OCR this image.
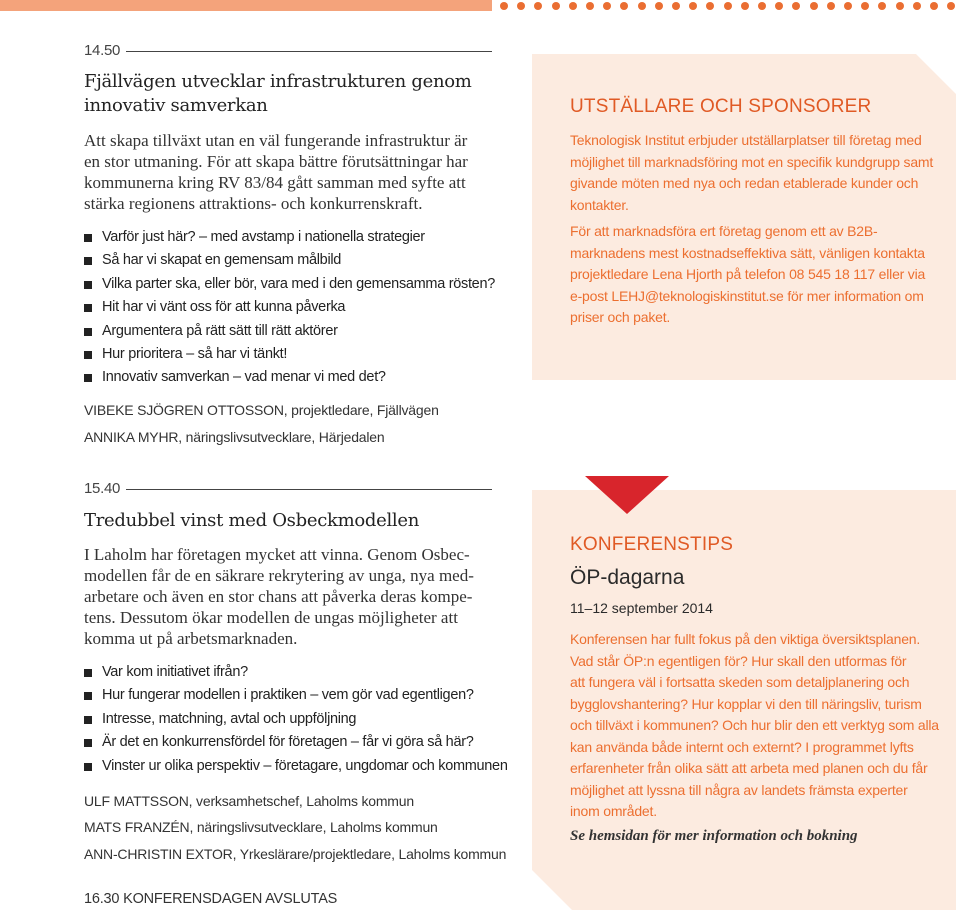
14.50
Fjällvägen utvecklar infrastrukturen genom
innovativ samverkan
Att skapa tillväxt utan en väl fungerande infrastruktur är
en stor utmaning. För att skapa bättre förutsättningar har
kommunerna kring RV 83/84 gått samman med syfte att
stärka regionens attraktions- och konkurrenskraft.
Varför just här? – med avstamp i nationella strategier
Så har vi skapat en gemensam målbild
Vilka parter ska, eller bör, vara med i den gemensamma rösten?
Hit har vi vänt oss för att kunna påverka
Argumentera på rätt sätt till rätt aktörer
Hur prioritera – så har vi tänkt!
Innovativ samverkan – vad menar vi med det?
VIBEKE SJÖGREN OTTOSSON, projektledare, Fjällvägen
ANNIKA MYHR, näringslivsutvecklare, Härjedalen
15.40
Tredubbel vinst med Osbeckmodellen
I Laholm har företagen mycket att vinna. Genom Osbec-
modellen får de en säkrare rekrytering av unga, nya med-
arbetare och även en stor chans att påverka deras kompe-
tens. Dessutom ökar modellen de ungas möjligheter att
komma ut på arbetsmarknaden.
Var kom initiativet ifrån?
Hur fungerar modellen i praktiken – vem gör vad egentligen?
Intresse, matchning, avtal och uppföljning
Är det en konkurrensfördel för företagen – får vi göra så här?
Vinster ur olika perspektiv – företagare, ungdomar och kommunen
ULF MATTSSON, verksamhetschef, Laholms kommun
MATS FRANZÉN, näringslivsutvecklare, Laholms kommun
ANN-CHRISTIN EXTOR, Yrkeslärare/projektledare, Laholms kommun
16.30 KONFERENSDAGEN AVSLUTAS
UTSTÄLLARE OCH SPONSORER
Teknologisk Institut erbjuder utställarplatser till företag med
möjlighet till marknadsföring mot en specifik kundgrupp samt
givande möten med nya och redan etablerade kunder och
kontakter.
För att marknadsföra ert företag genom ett av B2B-
marknadens mest kostnadseffektiva sätt, vänligen kontakta
projektledare Lena Hjorth på telefon 08 545 18 117 eller via
e-post LEHJ@teknologiskinstitut.se för mer information om
priser och paket.
KONFERENSTIPS
ÖP-dagarna
11–12 september 2014
Konferensen har fullt fokus på den viktiga översiktsplanen.
Vad står ÖP:n egentligen för? Hur skall den utformas för
att fungera väl i fortsatta skeden som detaljplanering och
bygglovshantering? Hur kopplar vi den till näringsliv, turism
och tillväxt i kommunen? Och hur blir den ett verktyg som alla
kan använda både internt och externt? I programmet lyfts
erfarenheter från olika sätt att arbeta med planen och du får
möjlighet att lyssna till några av landets främsta experter
inom området.
Se hemsidan för mer information och bokning
